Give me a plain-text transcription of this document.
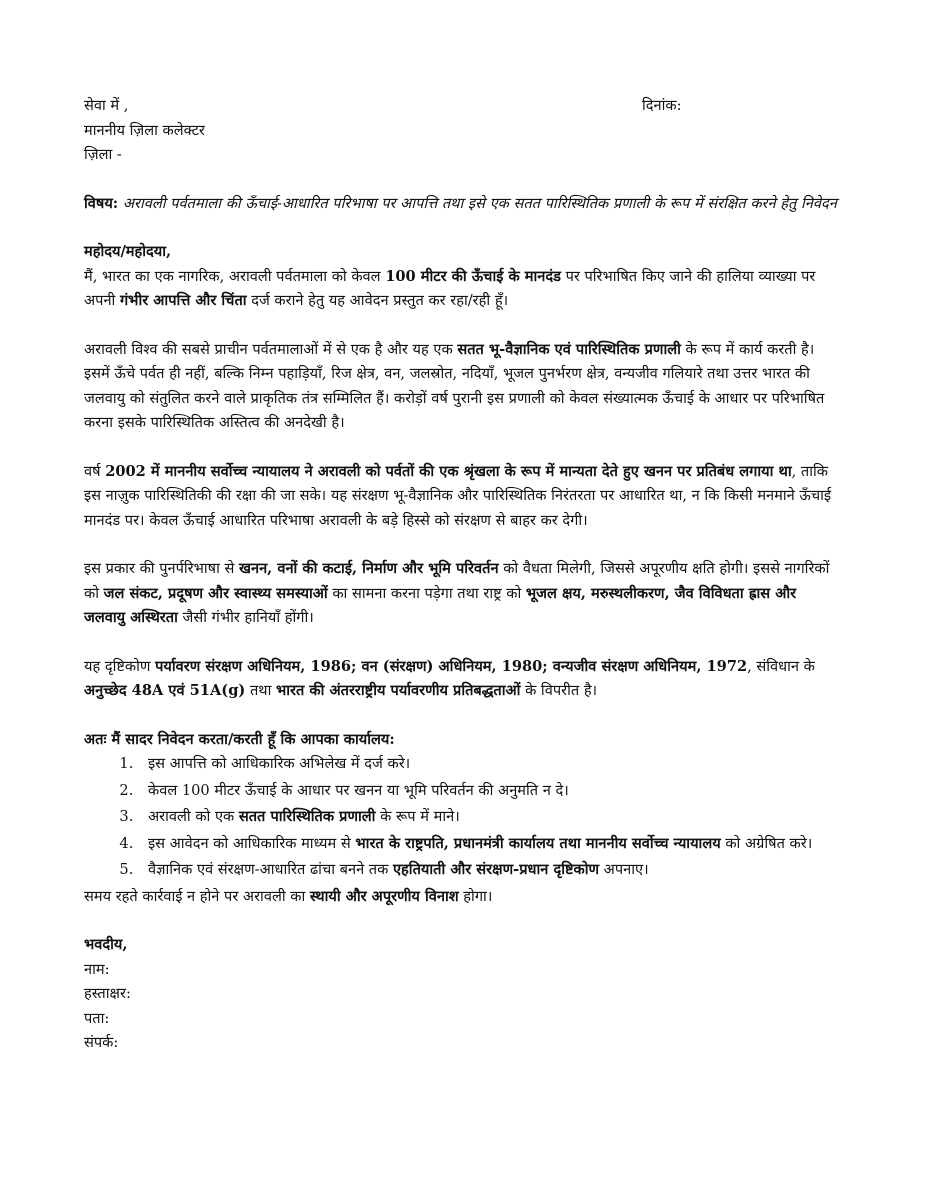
दिनांक:

सेवा में ,

माननीय ज़िला कलेक्टर

ज़िला -

विषय: अरावली पर्वतमाला की ऊँचाई-आधारित परिभाषा पर आपत्ति तथा इसे एक सतत पारिस्थितिक प्रणाली के रूप में संरक्षित करने हेतु निवेदन

महोदय/महोदया,

मैं, भारत का एक नागरिक, अरावली पर्वतमाला को केवल 100 मीटर की ऊँचाई के मानदंड पर परिभाषित किए जाने की हालिया व्याख्या पर अपनी गंभीर आपत्ति और चिंता दर्ज कराने हेतु यह आवेदन प्रस्तुत कर रहा/रही हूँ।

अरावली विश्व की सबसे प्राचीन पर्वतमालाओं में से एक है और यह एक सतत भू-वैज्ञानिक एवं पारिस्थितिक प्रणाली के रूप में कार्य करती है। इसमें ऊँचे पर्वत ही नहीं, बल्कि निम्न पहाड़ियाँ, रिज क्षेत्र, वन, जलस्रोत, नदियाँ, भूजल पुनर्भरण क्षेत्र, वन्यजीव गलियारे तथा उत्तर भारत की जलवायु को संतुलित करने वाले प्राकृतिक तंत्र सम्मिलित हैं। करोड़ों वर्ष पुरानी इस प्रणाली को केवल संख्यात्मक ऊँचाई के आधार पर परिभाषित करना इसके पारिस्थितिक अस्तित्व की अनदेखी है।

वर्ष 2002 में माननीय सर्वोच्च न्यायालय ने अरावली को पर्वतों की एक श्रृंखला के रूप में मान्यता देते हुए खनन पर प्रतिबंध लगाया था, ताकि इस नाज़ुक पारिस्थितिकी की रक्षा की जा सके। यह संरक्षण भू-वैज्ञानिक और पारिस्थितिक निरंतरता पर आधारित था, न कि किसी मनमाने ऊँचाई मानदंड पर। केवल ऊँचाई आधारित परिभाषा अरावली के बड़े हिस्से को संरक्षण से बाहर कर देगी।

इस प्रकार की पुनर्परिभाषा से खनन, वनों की कटाई, निर्माण और भूमि परिवर्तन को वैधता मिलेगी, जिससे अपूरणीय क्षति होगी। इससे नागरिकों को जल संकट, प्रदूषण और स्वास्थ्य समस्याओं का सामना करना पड़ेगा तथा राष्ट्र को भूजल क्षय, मरुस्थलीकरण, जैव विविधता ह्रास और जलवायु अस्थिरता जैसी गंभीर हानियाँ होंगी।

यह दृष्टिकोण पर्यावरण संरक्षण अधिनियम, 1986; वन (संरक्षण) अधिनियम, 1980; वन्यजीव संरक्षण अधिनियम, 1972, संविधान के अनुच्छेद 48A एवं 51A(g) तथा भारत की अंतरराष्ट्रीय पर्यावरणीय प्रतिबद्धताओं के विपरीत है।

अतः मैं सादर निवेदन करता/करती हूँ कि आपका कार्यालय:

1. इस आपत्ति को आधिकारिक अभिलेख में दर्ज करे।
2. केवल 100 मीटर ऊँचाई के आधार पर खनन या भूमि परिवर्तन की अनुमति न दे।
3. अरावली को एक सतत पारिस्थितिक प्रणाली के रूप में माने।
4. इस आवेदन को आधिकारिक माध्यम से भारत के राष्ट्रपति, प्रधानमंत्री कार्यालय तथा माननीय सर्वोच्च न्यायालय को अग्रेषित करे।
5. वैज्ञानिक एवं संरक्षण-आधारित ढांचा बनने तक एहतियाती और संरक्षण-प्रधान दृष्टिकोण अपनाए।

समय रहते कार्रवाई न होने पर अरावली का स्थायी और अपूरणीय विनाश होगा।

भवदीय,

नाम:

हस्ताक्षर:

पता:

संपर्क:
